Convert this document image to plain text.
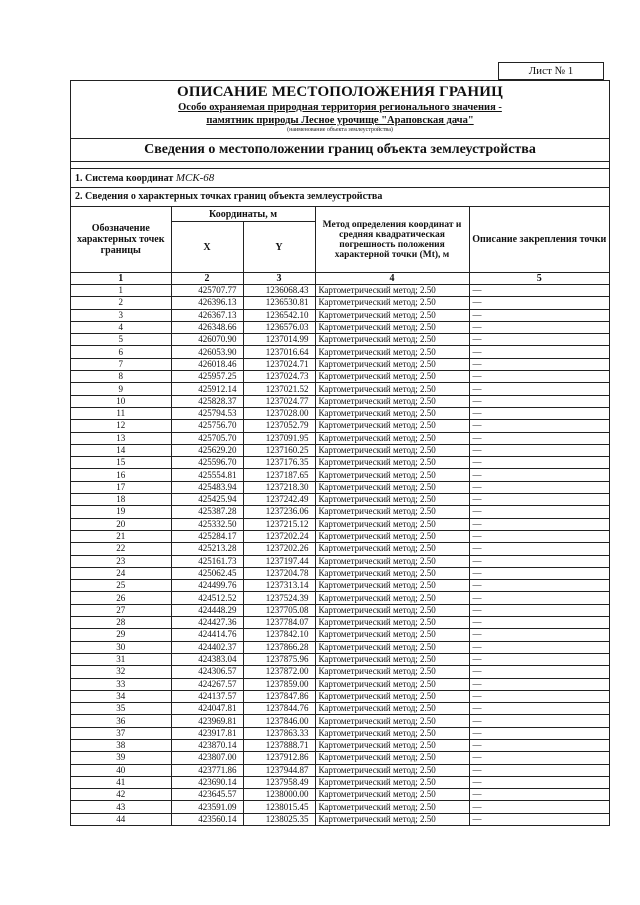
Лист № 1
ОПИСАНИЕ МЕСТОПОЛОЖЕНИЯ ГРАНИЦ
Особо охраняемая природная территория регионального значения -
памятник природы Лесное урочище "Араповская дача"
(наименование объекта землеустройства)
Сведения о местоположении границ объекта землеустройства
1. Система координат МСК-68
2. Сведения о характерных точках границ объекта землеустройства
Обозначение характерных точек границы	Координаты, м		Метод определения координат и средняя квадратическая погрешность положения характерной точки (Mt), м	Описание закрепления точки
	X	Y		
1	2	3	4	5
1	425707.77	1236068.43	Картометрический метод; 2.50	—
2	426396.13	1236530.81	Картометрический метод; 2.50	—
3	426367.13	1236542.10	Картометрический метод; 2.50	—
4	426348.66	1236576.03	Картометрический метод; 2.50	—
5	426070.90	1237014.99	Картометрический метод; 2.50	—
6	426053.90	1237016.64	Картометрический метод; 2.50	—
7	426018.46	1237024.71	Картометрический метод; 2.50	—
8	425957.25	1237024.73	Картометрический метод; 2.50	—
9	425912.14	1237021.52	Картометрический метод; 2.50	—
10	425828.37	1237024.77	Картометрический метод; 2.50	—
11	425794.53	1237028.00	Картометрический метод; 2.50	—
12	425756.70	1237052.79	Картометрический метод; 2.50	—
13	425705.70	1237091.95	Картометрический метод; 2.50	—
14	425629.20	1237160.25	Картометрический метод; 2.50	—
15	425596.70	1237176.35	Картометрический метод; 2.50	—
16	425554.81	1237187.65	Картометрический метод; 2.50	—
17	425483.94	1237218.30	Картометрический метод; 2.50	—
18	425425.94	1237242.49	Картометрический метод; 2.50	—
19	425387.28	1237236.06	Картометрический метод; 2.50	—
20	425332.50	1237215.12	Картометрический метод; 2.50	—
21	425284.17	1237202.24	Картометрический метод; 2.50	—
22	425213.28	1237202.26	Картометрический метод; 2.50	—
23	425161.73	1237197.44	Картометрический метод; 2.50	—
24	425062.45	1237204.78	Картометрический метод; 2.50	—
25	424499.76	1237313.14	Картометрический метод; 2.50	—
26	424512.52	1237524.39	Картометрический метод; 2.50	—
27	424448.29	1237705.08	Картометрический метод; 2.50	—
28	424427.36	1237784.07	Картометрический метод; 2.50	—
29	424414.76	1237842.10	Картометрический метод; 2.50	—
30	424402.37	1237866.28	Картометрический метод; 2.50	—
31	424383.04	1237875.96	Картометрический метод; 2.50	—
32	424306.57	1237872.00	Картометрический метод; 2.50	—
33	424267.57	1237859.00	Картометрический метод; 2.50	—
34	424137.57	1237847.86	Картометрический метод; 2.50	—
35	424047.81	1237844.76	Картометрический метод; 2.50	—
36	423969.81	1237846.00	Картометрический метод; 2.50	—
37	423917.81	1237863.33	Картометрический метод; 2.50	—
38	423870.14	1237888.71	Картометрический метод; 2.50	—
39	423807.00	1237912.86	Картометрический метод; 2.50	—
40	423771.86	1237944.87	Картометрический метод; 2.50	—
41	423690.14	1237958.49	Картометрический метод; 2.50	—
42	423645.57	1238000.00	Картометрический метод; 2.50	—
43	423591.09	1238015.45	Картометрический метод; 2.50	—
44	423560.14	1238025.35	Картометрический метод; 2.50	—
